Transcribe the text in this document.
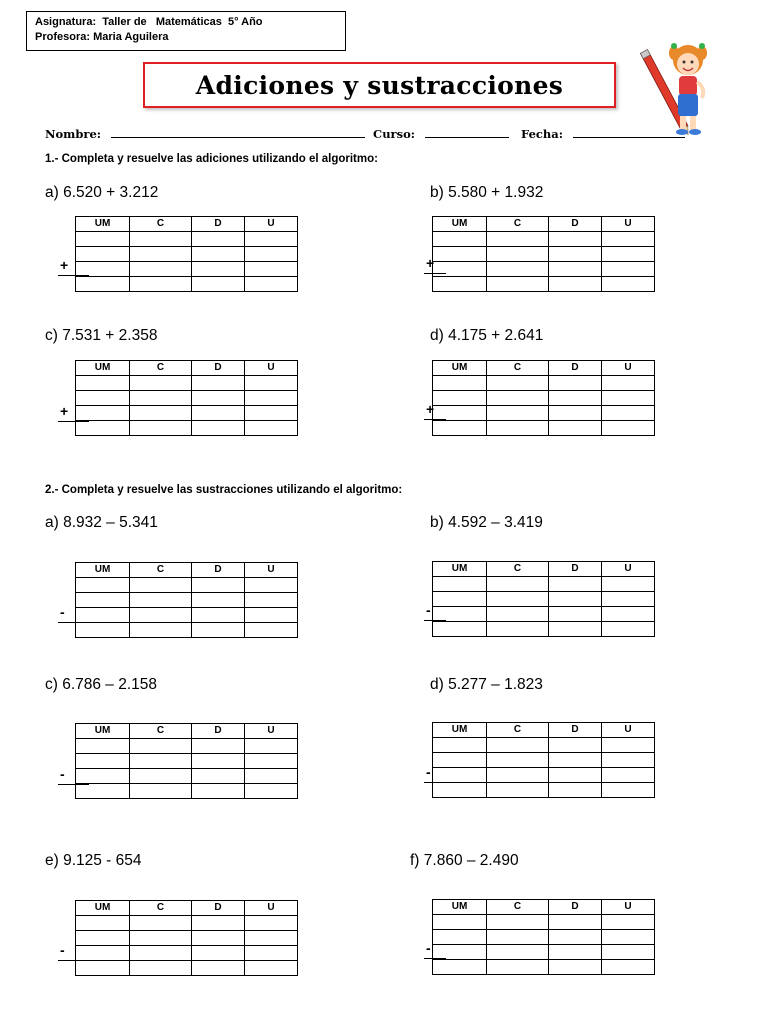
Asignatura:  Taller de   Matemáticas  5° Año
Profesora: Maria Aguilera
Adiciones y sustracciones
Nombre:	Curso:	Fecha:
1.- Completa y resuelve las adiciones utilizando el algoritmo:
2.- Completa y resuelve las sustracciones utilizando el algoritmo:
a) 6.520 + 3.212
UM	C	D	U

+
b) 5.580 + 1.932
UM	C	D	U

+
c) 7.531 + 2.358
UM	C	D	U

+
d) 4.175 + 2.641
UM	C	D	U

+
a) 8.932 – 5.341
UM	C	D	U

-
b) 4.592 – 3.419
UM	C	D	U

-
c) 6.786 – 2.158
UM	C	D	U

-
d) 5.277 – 1.823
UM	C	D	U

-
e) 9.125 - 654
UM	C	D	U

-
f) 7.860 – 2.490
UM	C	D	U

-
